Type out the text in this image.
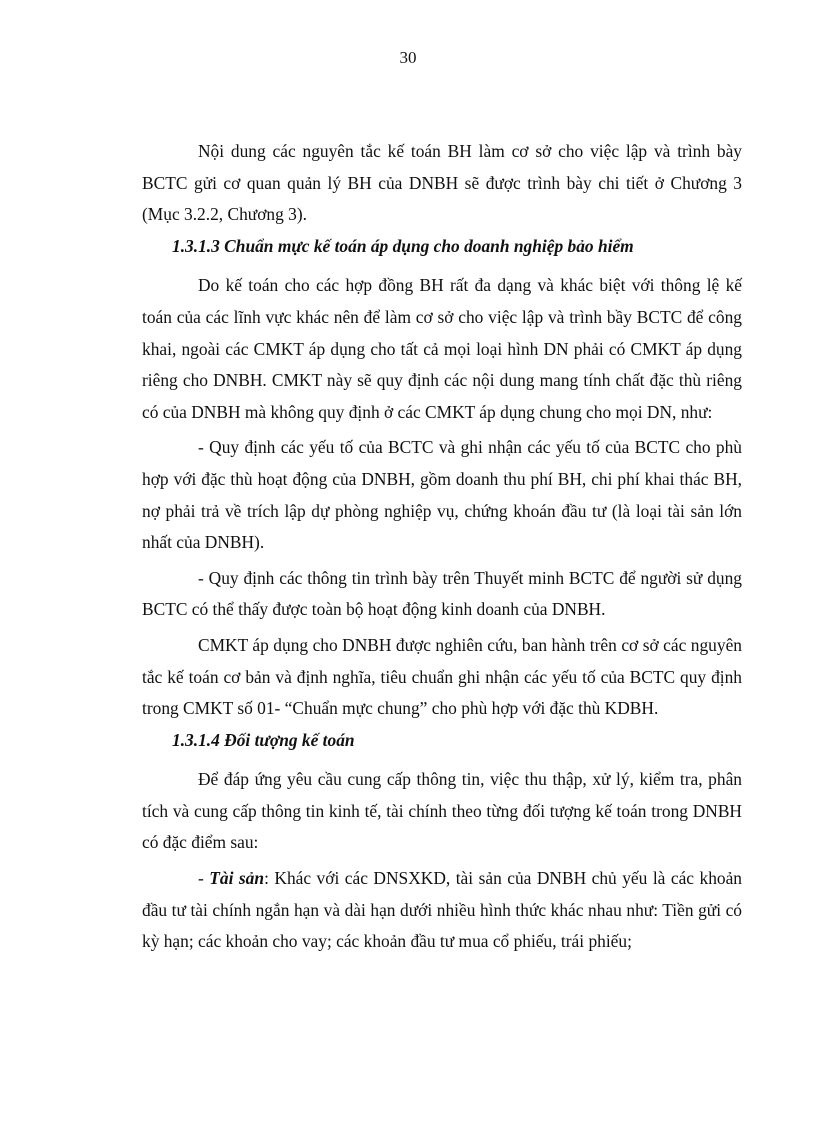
30

Nội dung các nguyên tắc kế toán BH làm cơ sở cho việc lập và trình bày BCTC gửi cơ quan quản lý BH của DNBH sẽ được trình bày chi tiết ở Chương 3 (Mục 3.2.2, Chương 3).

1.3.1.3 Chuẩn mực kế toán áp dụng cho doanh nghiệp bảo hiểm

Do kế toán cho các hợp đồng BH rất đa dạng và khác biệt với thông lệ kế toán của các lĩnh vực khác nên để làm cơ sở cho việc lập và trình bầy BCTC để công khai, ngoài các CMKT áp dụng cho tất cả mọi loại hình DN phải có CMKT áp dụng riêng cho DNBH. CMKT này sẽ quy định các nội dung mang tính chất đặc thù riêng có của DNBH mà không quy định ở các CMKT áp dụng chung cho mọi DN, như:

- Quy định các yếu tố của BCTC và ghi nhận các yếu tố của BCTC cho phù hợp với đặc thù hoạt động của DNBH, gồm doanh thu phí BH, chi phí khai thác BH, nợ phải trả về trích lập dự phòng nghiệp vụ, chứng khoán đầu tư (là loại tài sản lớn nhất của DNBH).

- Quy định các thông tin trình bày trên Thuyết minh BCTC để người sử dụng BCTC có thể thấy được toàn bộ hoạt động kinh doanh của DNBH.

CMKT áp dụng cho DNBH được nghiên cứu, ban hành trên cơ sở các nguyên tắc kế toán cơ bản và định nghĩa, tiêu chuẩn ghi nhận các yếu tố của BCTC quy định trong CMKT số 01- “Chuẩn mực chung” cho phù hợp với đặc thù KDBH.

1.3.1.4 Đối tượng kế toán

Để đáp ứng yêu cầu cung cấp thông tin, việc thu thập, xử lý, kiểm tra, phân tích và cung cấp thông tin kinh tế, tài chính theo từng đối tượng kế toán trong DNBH có đặc điểm sau:

- Tài sản: Khác với các DNSXKD, tài sản của DNBH chủ yếu là các khoản đầu tư tài chính ngắn hạn và dài hạn dưới nhiều hình thức khác nhau như: Tiền gửi có kỳ hạn; các khoản cho vay; các khoản đầu tư mua cổ phiếu, trái phiếu;
